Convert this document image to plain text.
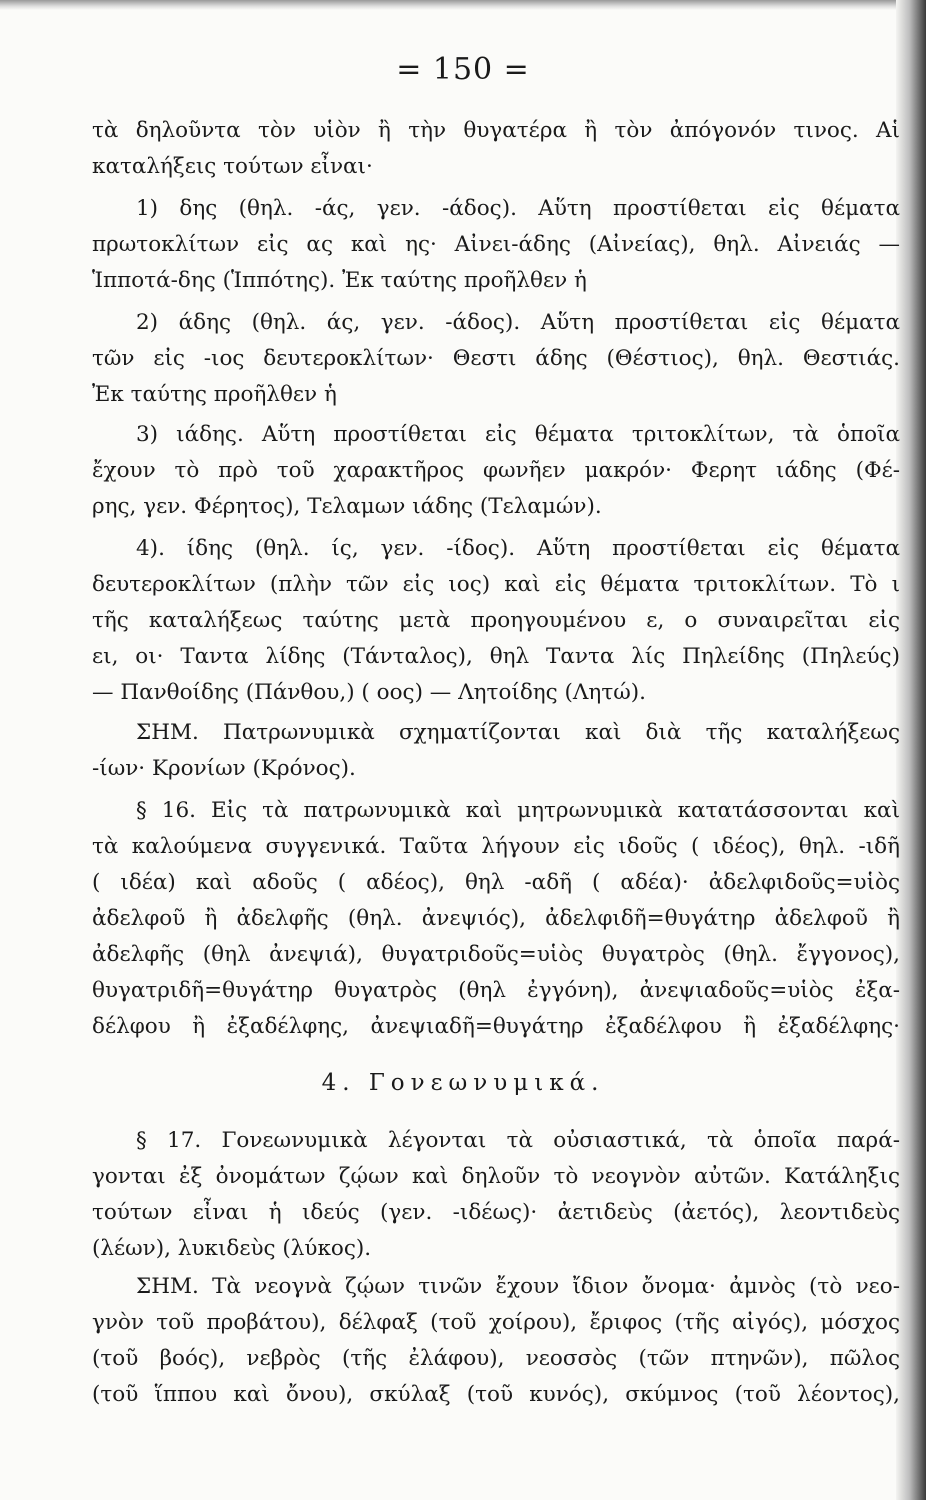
= 150 =
τὰ δηλοῦντα τὸν υἱὸν ἢ τὴν θυγατέρα ἢ τὸν ἀπόγονόν τινος. Αἱ
καταλήξεις τούτων εἶναι·
1) δης (θηλ. -άς, γεν. -άδος). Αὕτη προστίθεται εἰς θέματα
πρωτοκλίτων εἰς ας καὶ ης· Αἰνει-άδης (Αἰνείας), θηλ. Αἰνειάς —
Ἱπποτά-δης (Ἱππότης). Ἐκ ταύτης προῆλθεν ἡ
2) άδης (θηλ. άς, γεν. -άδος). Αὕτη προστίθεται εἰς θέματα
τῶν εἰς -ιος δευτεροκλίτων· Θεστι άδης (Θέστιος), θηλ. Θεστιάς.
Ἐκ ταύτης προῆλθεν ἡ
3) ιάδης. Αὕτη προστίθεται εἰς θέματα τριτοκλίτων, τὰ ὁποῖα
ἔχουν τὸ πρὸ τοῦ χαρακτῆρος φωνῆεν μακρόν· Φερητ ιάδης (Φέ-
ρης, γεν. Φέρητος), Τελαμων ιάδης (Τελαμών).
4). ίδης (θηλ. ίς, γεν. -ίδος). Αὕτη προστίθεται εἰς θέματα
δευτεροκλίτων (πλὴν τῶν εἰς ιος) καὶ εἰς θέματα τριτοκλίτων. Τὸ ι
τῆς καταλήξεως ταύτης μετὰ προηγουμένου ε, ο συναιρεῖται εἰς
ει, οι· Ταντα λίδης (Τάνταλος), θηλ Ταντα λίς Πηλείδης (Πηλεύς)
— Πανθοίδης (Πάνθου,) ( οος) — Λητοίδης (Λητώ).
ΣΗΜ. Πατρωνυμικὰ σχηματίζονται καὶ διὰ τῆς καταλήξεως
-ίων· Κρονίων (Κρόνος).
§ 16. Εἰς τὰ πατρωνυμικὰ καὶ μητρωνυμικὰ κατατάσσονται καὶ
τὰ καλούμενα συγγενικά. Ταῦτα λήγουν εἰς ιδοῦς ( ιδέος), θηλ. -ιδῆ
( ιδέα) καὶ αδοῦς ( αδέος), θηλ -αδῆ ( αδέα)· ἀδελφιδοῦς=υἱὸς
ἀδελφοῦ ἢ ἀδελφῆς (θηλ. ἀνεψιός), ἀδελφιδῆ=θυγάτηρ ἀδελφοῦ ἢ
ἀδελφῆς (θηλ ἀνεψιά), θυγατριδοῦς=υἱὸς θυγατρὸς (θηλ. ἔγγονος),
θυγατριδῆ=θυγάτηρ θυγατρὸς (θηλ ἐγγόνη), ἀνεψιαδοῦς=υἱὸς ἐξα-
δέλφου ἢ ἐξαδέλφης, ἀνεψιαδῆ=θυγάτηρ ἐξαδέλφου ἢ ἐξαδέλφης·
4. Γονεωνυμικά.
§ 17. Γονεωνυμικὰ λέγονται τὰ οὐσιαστικά, τὰ ὁποῖα παρά-
γονται ἐξ ὀνομάτων ζῴων καὶ δηλοῦν τὸ νεογνὸν αὐτῶν. Κατάληξις
τούτων εἶναι ἡ ιδεύς (γεν. -ιδέως)· ἀετιδεὺς (ἀετός), λεοντιδεὺς
(λέων), λυκιδεὺς (λύκος).
ΣΗΜ. Τὰ νεογνὰ ζῴων τινῶν ἔχουν ἴδιον ὄνομα· ἀμνὸς (τὸ νεο-
γνὸν τοῦ προβάτου), δέλφαξ (τοῦ χοίρου), ἔριφος (τῆς αἰγός), μόσχος
(τοῦ βοός), νεβρὸς (τῆς ἐλάφου), νεοσσὸς (τῶν πτηνῶν), πῶλος
(τοῦ ἵππου καὶ ὄνου), σκύλαξ (τοῦ κυνός), σκύμνος (τοῦ λέοντος),
